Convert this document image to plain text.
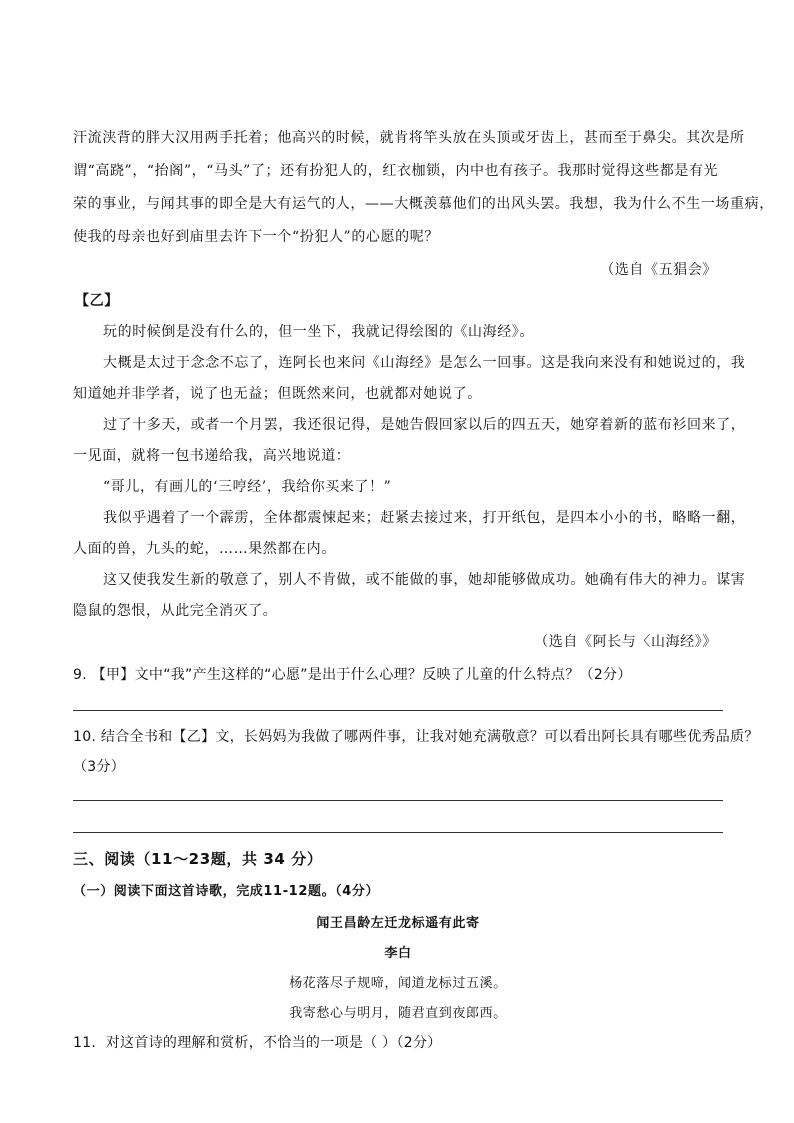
汗流浃背的胖大汉用两手托着；他高兴的时候，就肯将竿头放在头顶或牙齿上，甚而至于鼻尖。其次是所
谓“高跷”，“抬阁”，“马头”了；还有扮犯人的，红衣枷锁，内中也有孩子。我那时觉得这些都是有光
荣的事业，与闻其事的即全是大有运气的人，——大概羡慕他们的出风头罢。我想，我为什么不生一场重病，
使我的母亲也好到庙里去许下一个“扮犯人”的心愿的呢？
（选自《五猖会》
【乙】
玩的时候倒是没有什么的，但一坐下，我就记得绘图的《山海经》。
大概是太过于念念不忘了，连阿长也来问《山海经》是怎么一回事。这是我向来没有和她说过的，我
知道她并非学者，说了也无益；但既然来问，也就都对她说了。
过了十多天，或者一个月罢，我还很记得，是她告假回家以后的四五天，她穿着新的蓝布衫回来了，
一见面，就将一包书递给我，高兴地说道：
“哥儿，有画儿的‘三哼经’，我给你买来了！”
我似乎遇着了一个霹雳，全体都震悚起来；赶紧去接过来，打开纸包，是四本小小的书，略略一翻，
人面的兽，九头的蛇，……果然都在内。
这又使我发生新的敬意了，别人不肯做，或不能做的事，她却能够做成功。她确有伟大的神力。谋害
隐鼠的怨恨，从此完全消灭了。
（选自《阿长与〈山海经》》
9. 【甲】文中“我”产生这样的“心愿”是出于什么心理？反映了儿童的什么特点？（2分）
10. 结合全书和【乙】文，长妈妈为我做了哪两件事，让我对她充满敬意？可以看出阿长具有哪些优秀品质？
（3分）
三、阅读（11～23题，共 34 分）
（一）阅读下面这首诗歌，完成11-12题。（4分）
闻王昌龄左迁龙标遥有此寄
李白
杨花落尽子规啼，闻道龙标过五溪。
我寄愁心与明月，随君直到夜郎西。
11．对这首诗的理解和赏析，不恰当的一项是（ ）（2分）
